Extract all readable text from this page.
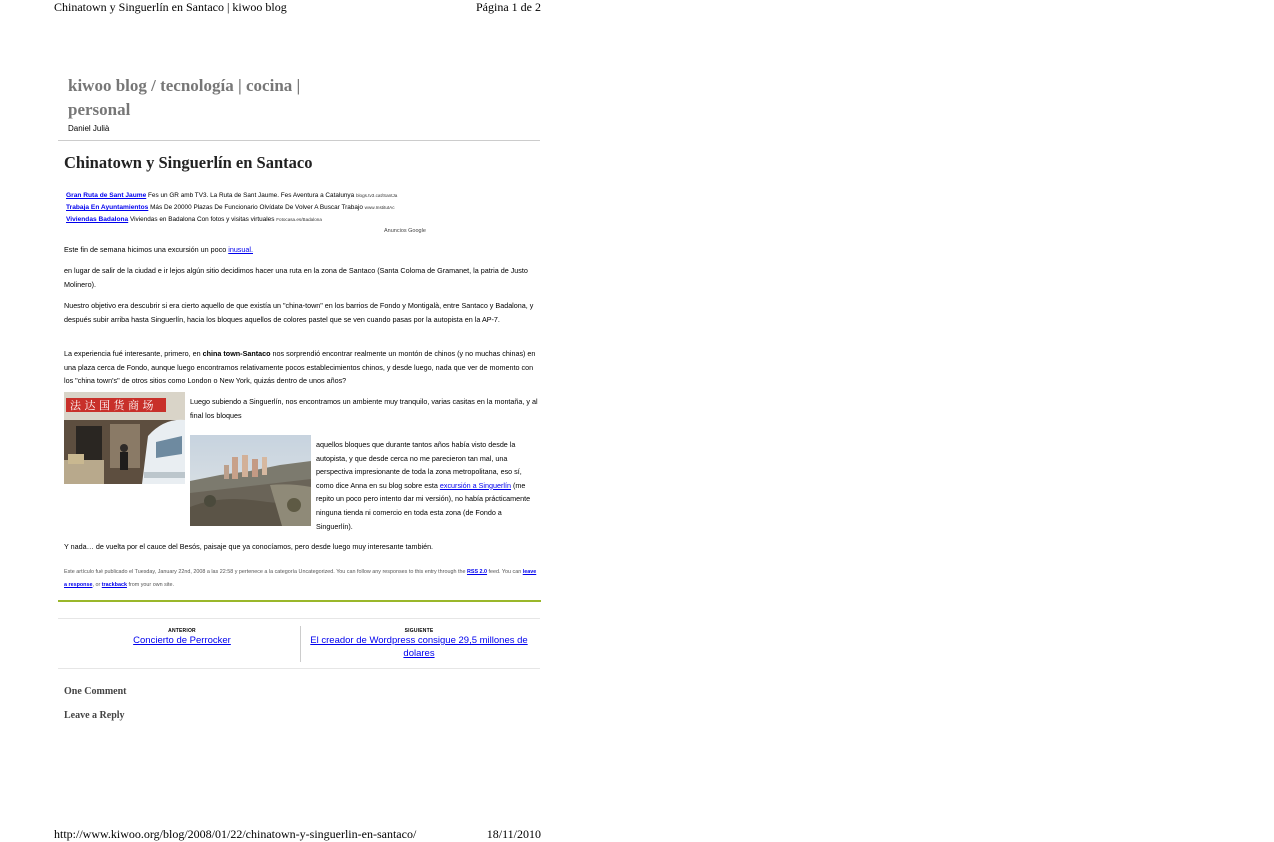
Chinatown y Singuerlín en Santaco | kiwoo blog	Página 1 de 2
kiwoo blog / tecnología | cocina |
personal
Daniel Julià
Chinatown y Singuerlín en Santaco
Gran Ruta de Sant Jaume Fes un GR amb TV3. La Ruta de Sant Jaume. Fes Aventura a Catalunya blogs.tv3.cat/SantJa
Trabaja En Ayuntamientos Más De 20000 Plazas De Funcionario Olvídate De Volver A Buscar Trabajo www.InstitutAc
Viviendas Badalona Viviendas en Badalona Con fotos y visitas virtuales Fotocasa.es/Badalona
Anuncios Google
Este fin de semana hicimos una excursión un poco inusual.
en lugar de salir de la ciudad e ir lejos algún sitio decidimos hacer una ruta en la zona de Santaco (Santa Coloma de Gramanet, la patria de Justo Molinero).
Nuestro objetivo era descubrir si era cierto aquello de que existía un "china-town" en los barrios de Fondo y Montigalà, entre Santaco y Badalona, y después subir arriba hasta Singuerlín, hacia los bloques aquellos de colores pastel que se ven cuando pasas por la autopista en la AP-7.
La experiencia fué interesante, primero, en china town-Santaco nos sorprendió encontrar realmente un montón de chinos (y no muchas chinas) en una plaza cerca de Fondo, aunque luego encontramos relativamente pocos establecimientos chinos, y desde luego, nada que ver de momento con los "china town's" de otros sitios como London o New York, quizás dentro de unos años?
法 达 国 货 商 场	Luego subiendo a Singuerlín, nos encontramos un ambiente muy tranquilo, varias casitas en la montaña, y al final los bloques
aquellos bloques que durante tantos años había visto desde la autopista, y que desde cerca no me parecieron tan mal, una perspectiva impresionante de toda la zona metropolitana, eso sí, como dice Anna en su blog sobre esta excursión a Singuerlín (me repito un poco pero intento dar mi versión), no había prácticamente ninguna tienda ni comercio en toda esta zona (de Fondo a Singuerlín).
Y nada… de vuelta por el cauce del Besós, paisaje que ya conocíamos, pero desde luego muy interesante también.
Este artículo fué publicado el Tuesday, January 22nd, 2008 a las 22:58 y pertenece a la categoría Uncategorized. You can follow any responses to this entry through the RSS 2.0 feed. You can leave a response, or trackback from your own site.
ANTERIOR
Concierto de Perrocker
SIGUIENTE
El creador de Wordpress consigue 29,5 millones de dolares
One Comment
Leave a Reply
http://www.kiwoo.org/blog/2008/01/22/chinatown-y-singuerlin-en-santaco/	18/11/2010
